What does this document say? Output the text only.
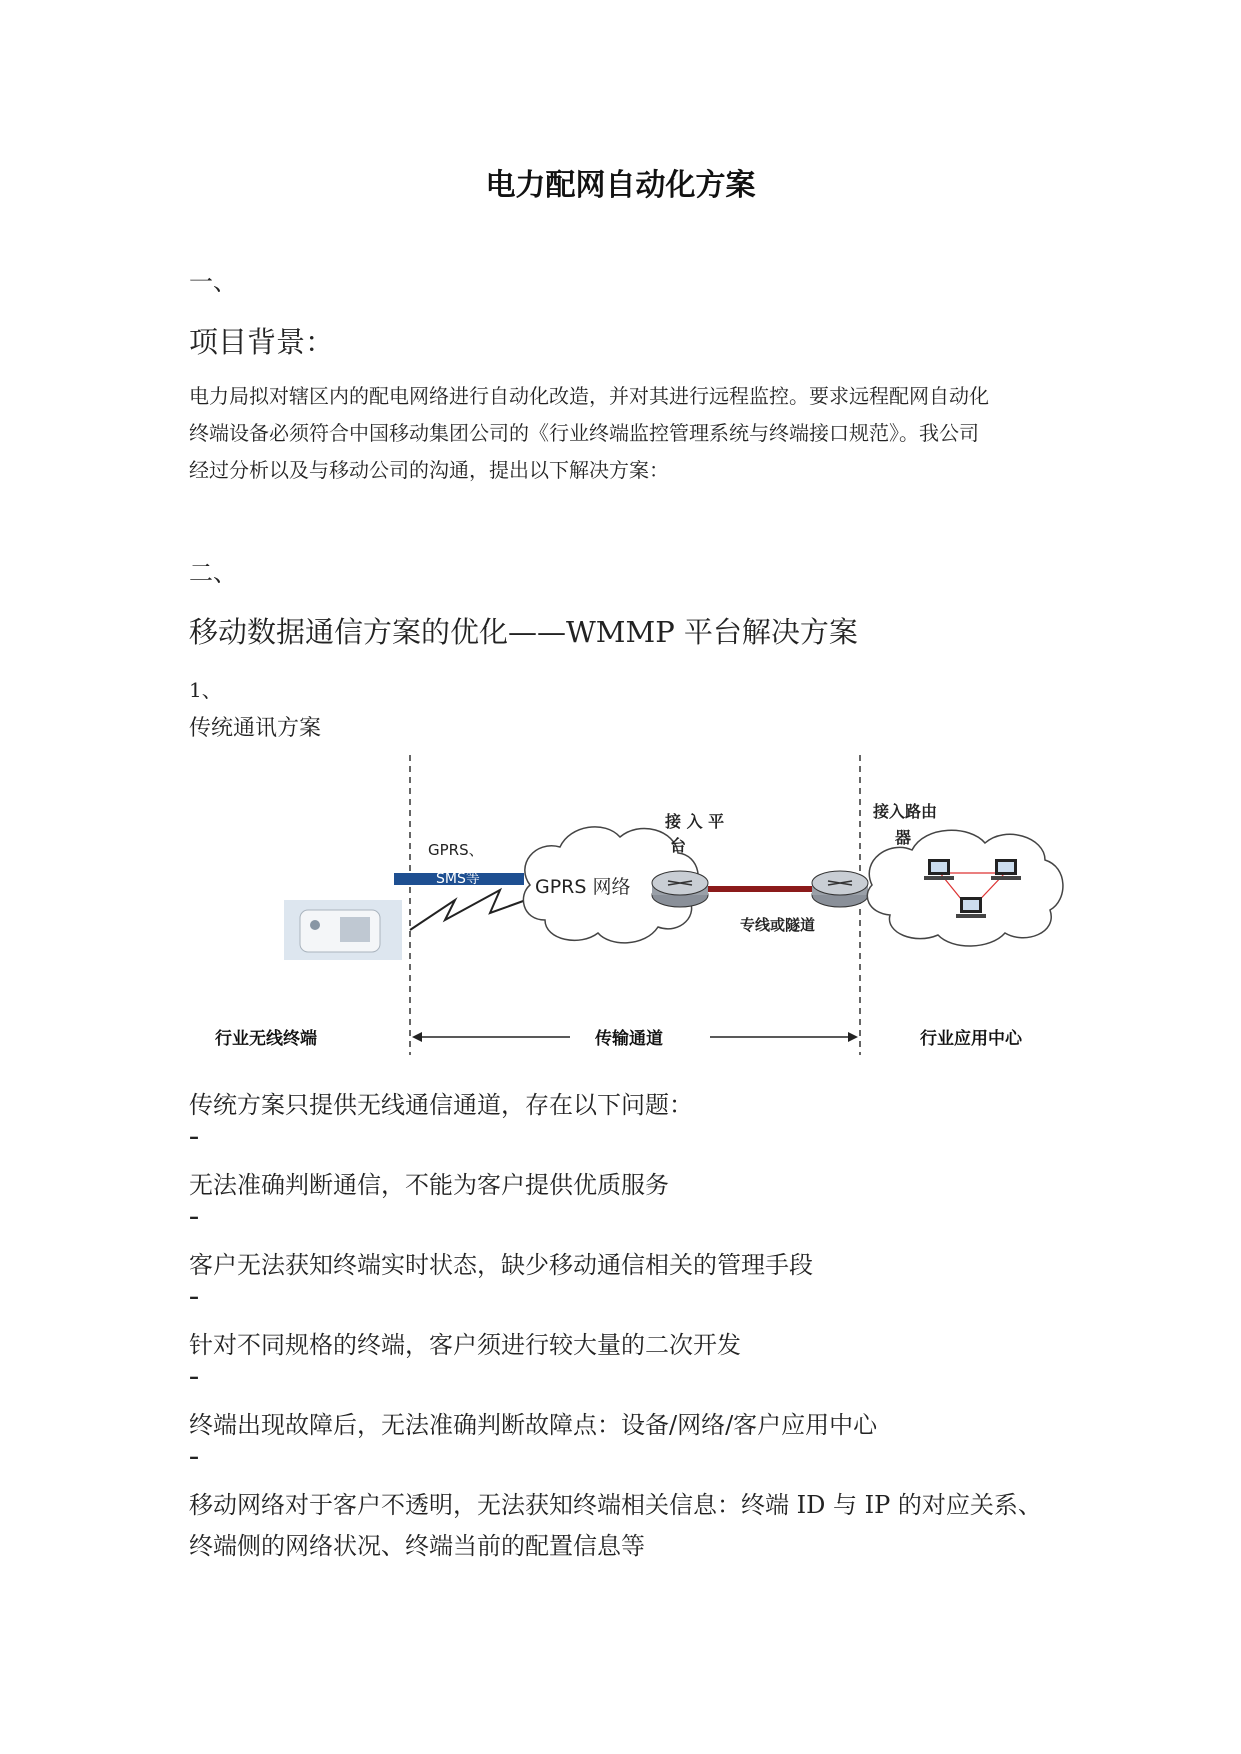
电力配网自动化方案
一、
项目背景：
电力局拟对辖区内的配电网络进行自动化改造，并对其进行远程监控。要求远程配网自动化
终端设备必须符合中国移动集团公司的《行业终端监控管理系统与终端接口规范》。我公司
经过分析以及与移动公司的沟通，提出以下解决方案：
二、
移动数据通信方案的优化——WMMP 平台解决方案
1、
传统通讯方案
GPRS、
SMS等	GPRS 网络
接 入 平
台
专线或隧道
接入路由
器
行业无线终端	传输通道	行业应用中心
传统方案只提供无线通信通道，存在以下问题：
–
无法准确判断通信，不能为客户提供优质服务
–
客户无法获知终端实时状态，缺少移动通信相关的管理手段
–
针对不同规格的终端，客户须进行较大量的二次开发
–
终端出现故障后，无法准确判断故障点：设备/网络/客户应用中心
–
移动网络对于客户不透明，无法获知终端相关信息：终端 ID 与 IP 的对应关系、
终端侧的网络状况、终端当前的配置信息等
